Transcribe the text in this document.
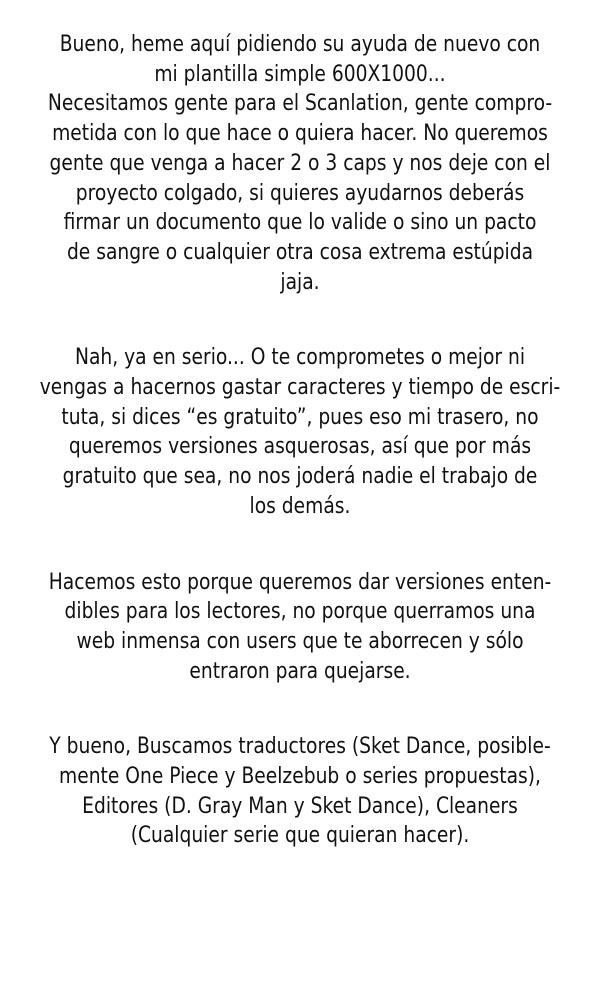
Bueno, heme aquí pidiendo su ayuda de nuevo con
mi plantilla simple 600X1000...
Necesitamos gente para el Scanlation, gente compro-
metida con lo que hace o quiera hacer. No queremos
gente que venga a hacer 2 o 3 caps y nos deje con el
proyecto colgado, si quieres ayudarnos deberás
firmar un documento que lo valide o sino un pacto
de sangre o cualquier otra cosa extrema estúpida
jaja.

Nah, ya en serio... O te comprometes o mejor ni
vengas a hacernos gastar caracteres y tiempo de escri-
tuta, si dices “es gratuito”, pues eso mi trasero, no
queremos versiones asquerosas, así que por más
gratuito que sea, no nos joderá nadie el trabajo de
los demás.

Hacemos esto porque queremos dar versiones enten-
dibles para los lectores, no porque querramos una
web inmensa con users que te aborrecen y sólo
entraron para quejarse.

Y bueno, Buscamos traductores (Sket Dance, posible-
mente One Piece y Beelzebub o series propuestas),
Editores (D. Gray Man y Sket Dance), Cleaners
(Cualquier serie que quieran hacer).
